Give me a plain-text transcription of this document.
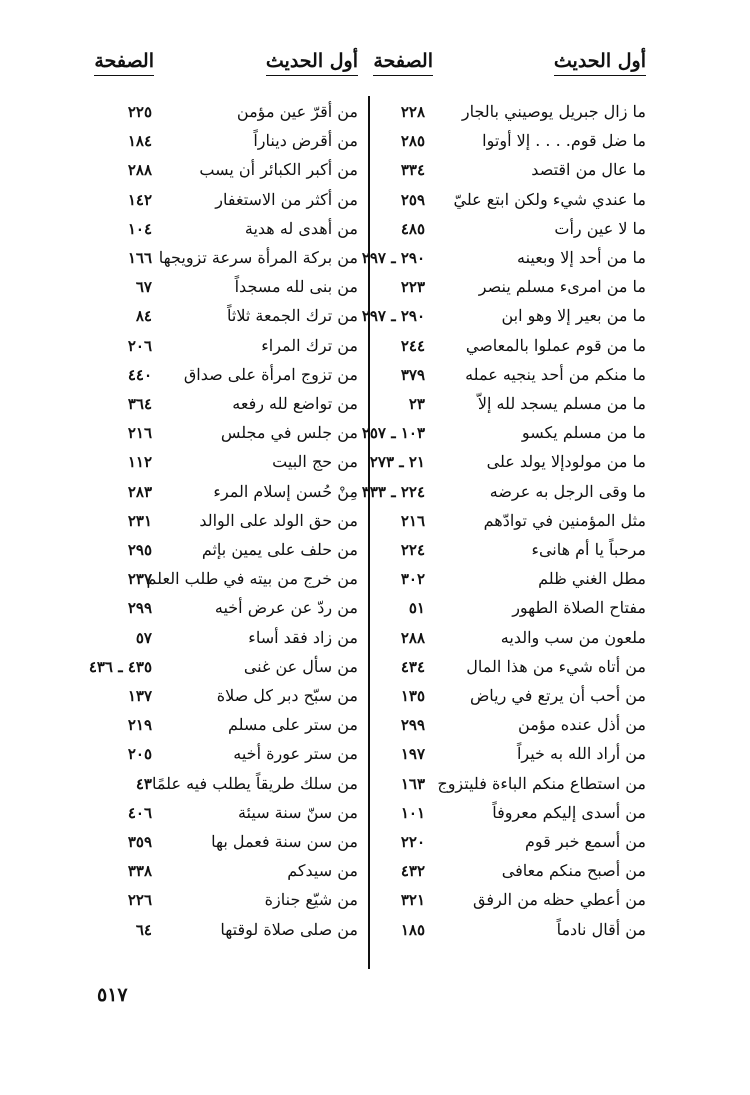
أول الحديث
الصفحة
أول الحديث
الصفحة
ما زال جبريل يوصيني بالجار
٢٢٨
من أقرّ عين مؤمن
٢٢٥
ما ضل قوم. . . . إلا أوتوا
٢٨٥
من أقرض ديناراً
١٨٤
ما عال من اقتصد
٣٣٤
من أكبر الكبائر أن يسب
٢٨٨
ما عندي شيء ولكن ابتع عليّ
٢٥٩
من أكثر من الاستغفار
١٤٢
ما لا عين رأت
٤٨٥
من أهدى له هدية
١٠٤
ما من أحد إلا وبعينه
٢٩٠ ـ ٢٩٧
من بركة المرأة سرعة تزويجها
١٦٦
ما من امرىء مسلم ينصر
٢٢٣
من بنى لله مسجداً
٦٧
ما من بعير إلا وهو ابن
٢٩٠ ـ ٢٩٧
من ترك الجمعة ثلاثاً
٨٤
ما من قوم عملوا بالمعاصي
٢٤٤
من ترك المراء
٢٠٦
ما منكم من أحد ينجيه عمله
٣٧٩
من تزوج امرأة على صداق
٤٤٠
ما من مسلم يسجد لله إلاّ
٢٣
من تواضع لله رفعه
٣٦٤
ما من مسلم يكسو
١٠٣ ـ ٢٥٧
من جلس في مجلس
٢١٦
ما من مولودإلا يولد على
٢١ ـ ٢٧٣
من حج البيت
١١٢
ما وقى الرجل به عرضه
٢٢٤ ـ ٣٣٣
مِنْ حُسن إسلام المرء
٢٨٣
مثل المؤمنين في توادّهم
٢١٦
من حق الولد على الوالد
٢٣١
مرحباً يا أم هانىء
٢٢٤
من حلف على يمين بإثم
٢٩٥
مطل الغني ظلم
٣٠٢
من خرج من بيته في طلب العلم
٢٣٧
مفتاح الصلاة الطهور
٥١
من ردّ عن عرض أخيه
٢٩٩
ملعون من سب والديه
٢٨٨
من زاد فقد أساء
٥٧
من أتاه شيء من هذا المال
٤٣٤
من سأل عن غنى
٤٣٥ ـ ٤٣٦
من أحب أن يرتع في رياض
١٣٥
من سبّح دبر كل صلاة
١٣٧
من أذل عنده مؤمن
٢٩٩
من ستر على مسلم
٢١٩
من أراد الله به خيراً
١٩٧
من ستر عورة أخيه
٢٠٥
من استطاع منكم الباءة فليتزوج
١٦٣
من سلك طريقاً يطلب فيه علمًا
٤٣
من أسدى إليكم معروفاً
١٠١
من سنّ سنة سيئة
٤٠٦
من أسمع خبر قوم
٢٢٠
من سن سنة فعمل بها
٣٥٩
من أصبح منكم معافى
٤٣٢
من سيدكم
٣٣٨
من أعطي حظه من الرفق
٣٢١
من شيّع جنازة
٢٢٦
من أقال نادماً
١٨٥
من صلى صلاة لوقتها
٦٤
٥١٧
